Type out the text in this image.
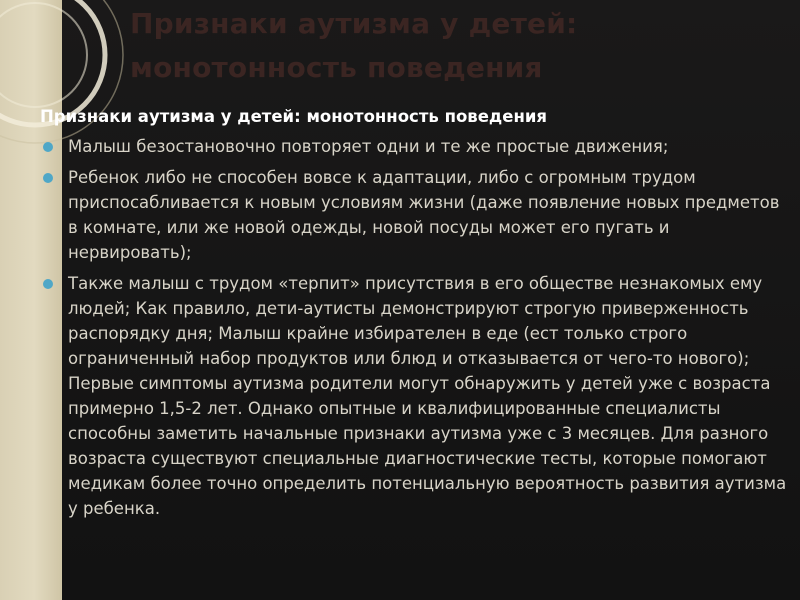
Признаки аутизма у детей: монотонность поведения

Признаки аутизма у детей: монотонность поведения

Малыш безостановочно повторяет одни и те же простые движения;
Ребенок либо не способен вовсе к адаптации, либо с огромным трудом приспосабливается к новым условиям жизни (даже появление новых предметов в комнате, или же новой одежды, новой посуды может его пугать и нервировать);
Также малыш с трудом «терпит» присутствия в его обществе незнакомых ему людей; Как правило, дети-аутисты демонстрируют строгую приверженность распорядку дня; Малыш крайне избирателен в еде (ест только строго ограниченный набор продуктов или блюд и отказывается от чего-то нового); Первые симптомы аутизма родители могут обнаружить у детей уже с возраста примерно 1,5-2 лет. Однако опытные и квалифицированные специалисты способны заметить начальные признаки аутизма уже с 3 месяцев. Для разного возраста существуют специальные диагностические тесты, которые помогают медикам более точно определить потенциальную вероятность развития аутизма у ребенка.
